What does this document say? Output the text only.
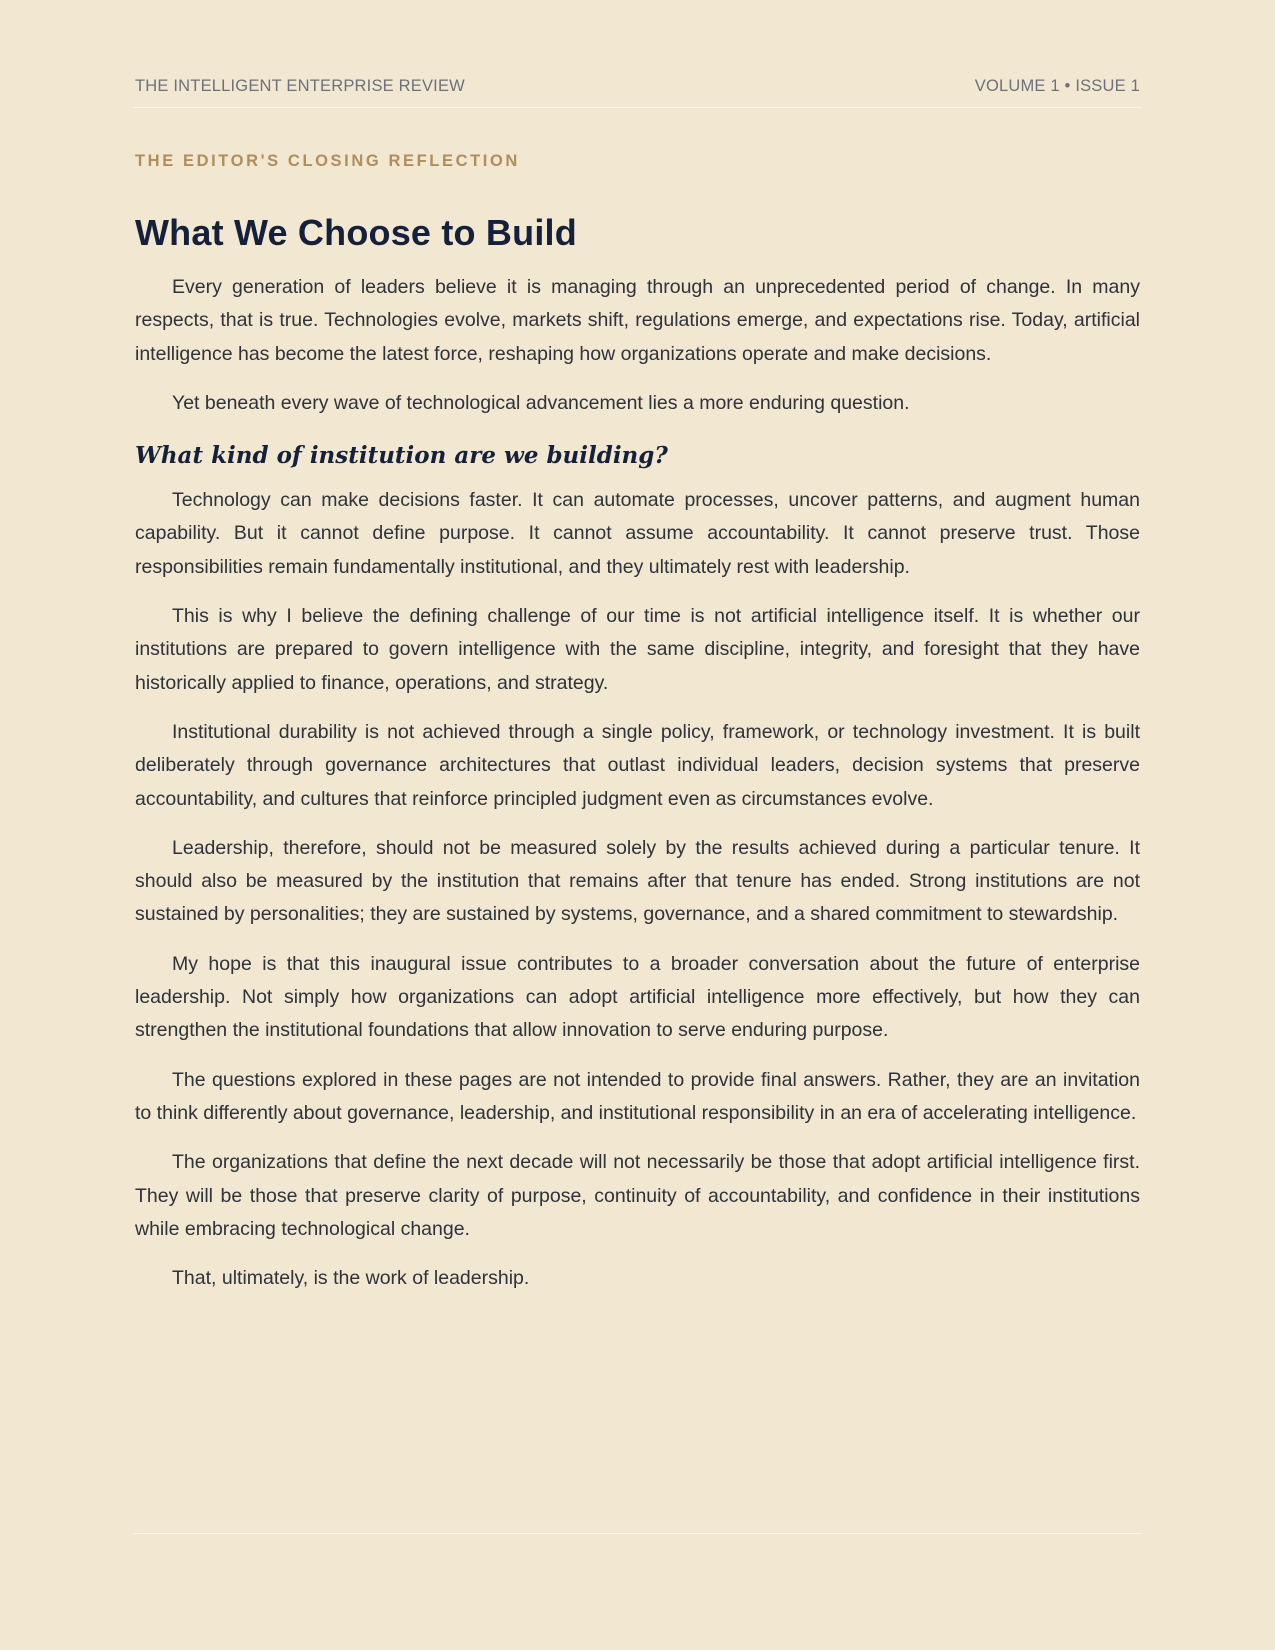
THE INTELLIGENT ENTERPRISE REVIEW	VOLUME 1 • ISSUE 1
THE EDITOR'S CLOSING REFLECTION
What We Choose to Build

Every generation of leaders believe it is managing through an unprecedented period of change. In many respects, that is true. Technologies evolve, markets shift, regulations emerge, and expectations rise. Today, artificial intelligence has become the latest force, reshaping how organizations operate and make decisions.

Yet beneath every wave of technological advancement lies a more enduring question.

What kind of institution are we building?

Technology can make decisions faster. It can automate processes, uncover patterns, and augment human capability. But it cannot define purpose. It cannot assume accountability. It cannot preserve trust. Those responsibilities remain fundamentally institutional, and they ultimately rest with leadership.

This is why I believe the defining challenge of our time is not artificial intelligence itself. It is whether our institutions are prepared to govern intelligence with the same discipline, integrity, and foresight that they have historically applied to finance, operations, and strategy.

Institutional durability is not achieved through a single policy, framework, or technology investment. It is built deliberately through governance architectures that outlast individual leaders, decision systems that preserve accountability, and cultures that reinforce principled judgment even as circumstances evolve.

Leadership, therefore, should not be measured solely by the results achieved during a particular tenure. It should also be measured by the institution that remains after that tenure has ended. Strong institutions are not sustained by personalities; they are sustained by systems, governance, and a shared commitment to stewardship.

My hope is that this inaugural issue contributes to a broader conversation about the future of enterprise leadership. Not simply how organizations can adopt artificial intelligence more effectively, but how they can strengthen the institutional foundations that allow innovation to serve enduring purpose.

The questions explored in these pages are not intended to provide final answers. Rather, they are an invitation to think differently about governance, leadership, and institutional responsibility in an era of accelerating intelligence.

The organizations that define the next decade will not necessarily be those that adopt artificial intelligence first. They will be those that preserve clarity of purpose, continuity of accountability, and confidence in their institutions while embracing technological change.

That, ultimately, is the work of leadership.
